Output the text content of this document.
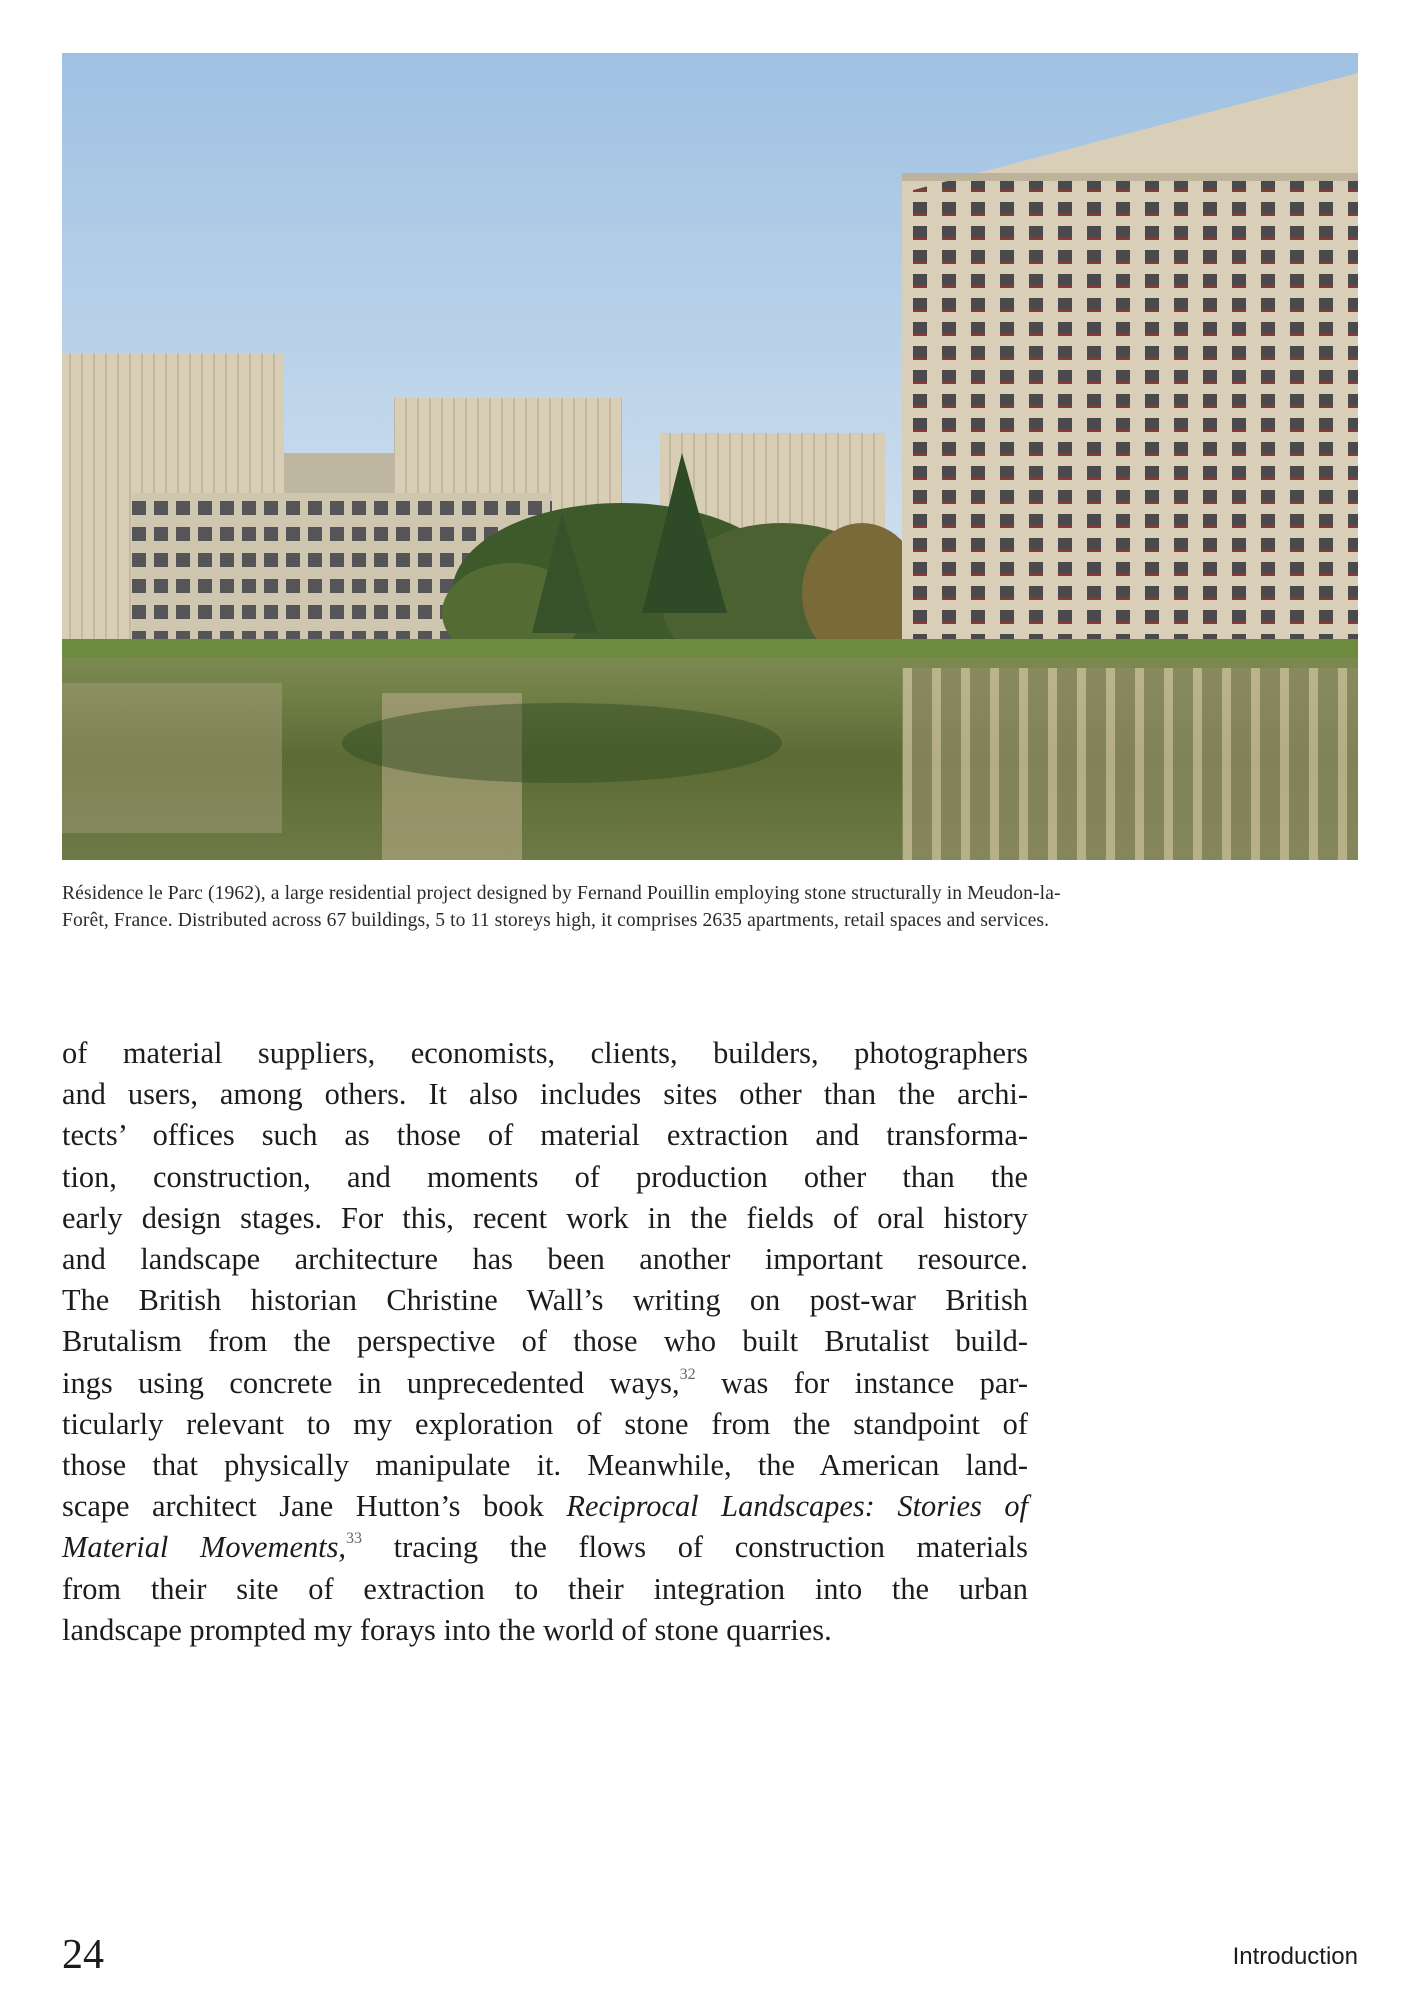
Résidence le Parc (1962), a large residential project designed by Fernand Pouillin employing stone structurally in Meudon-la-
Forêt, France. Distributed across 67 buildings, 5 to 11 storeys high, it comprises 2635 apartments, retail spaces and services.
of material suppliers, economists, clients, builders, photographers
and users, among others. It also includes sites other than the archi-
tects’ offices such as those of material extraction and transforma-
tion, construction, and moments of production other than the
early design stages. For this, recent work in the fields of oral history
and landscape architecture has been another important resource.
The British historian Christine Wall’s writing on post-war British
Brutalism from the perspective of those who built Brutalist build-
ings using concrete in unprecedented ways,$^{32}$ was for instance par-
ticularly relevant to my exploration of stone from the standpoint of
those that physically manipulate it. Meanwhile, the American land-
scape architect Jane Hutton’s book Reciprocal Landscapes: Stories of
Material Movements,$^{33}$ tracing the flows of construction materials
from their site of extraction to their integration into the urban
landscape prompted my forays into the world of stone quarries.
24	Introduction
